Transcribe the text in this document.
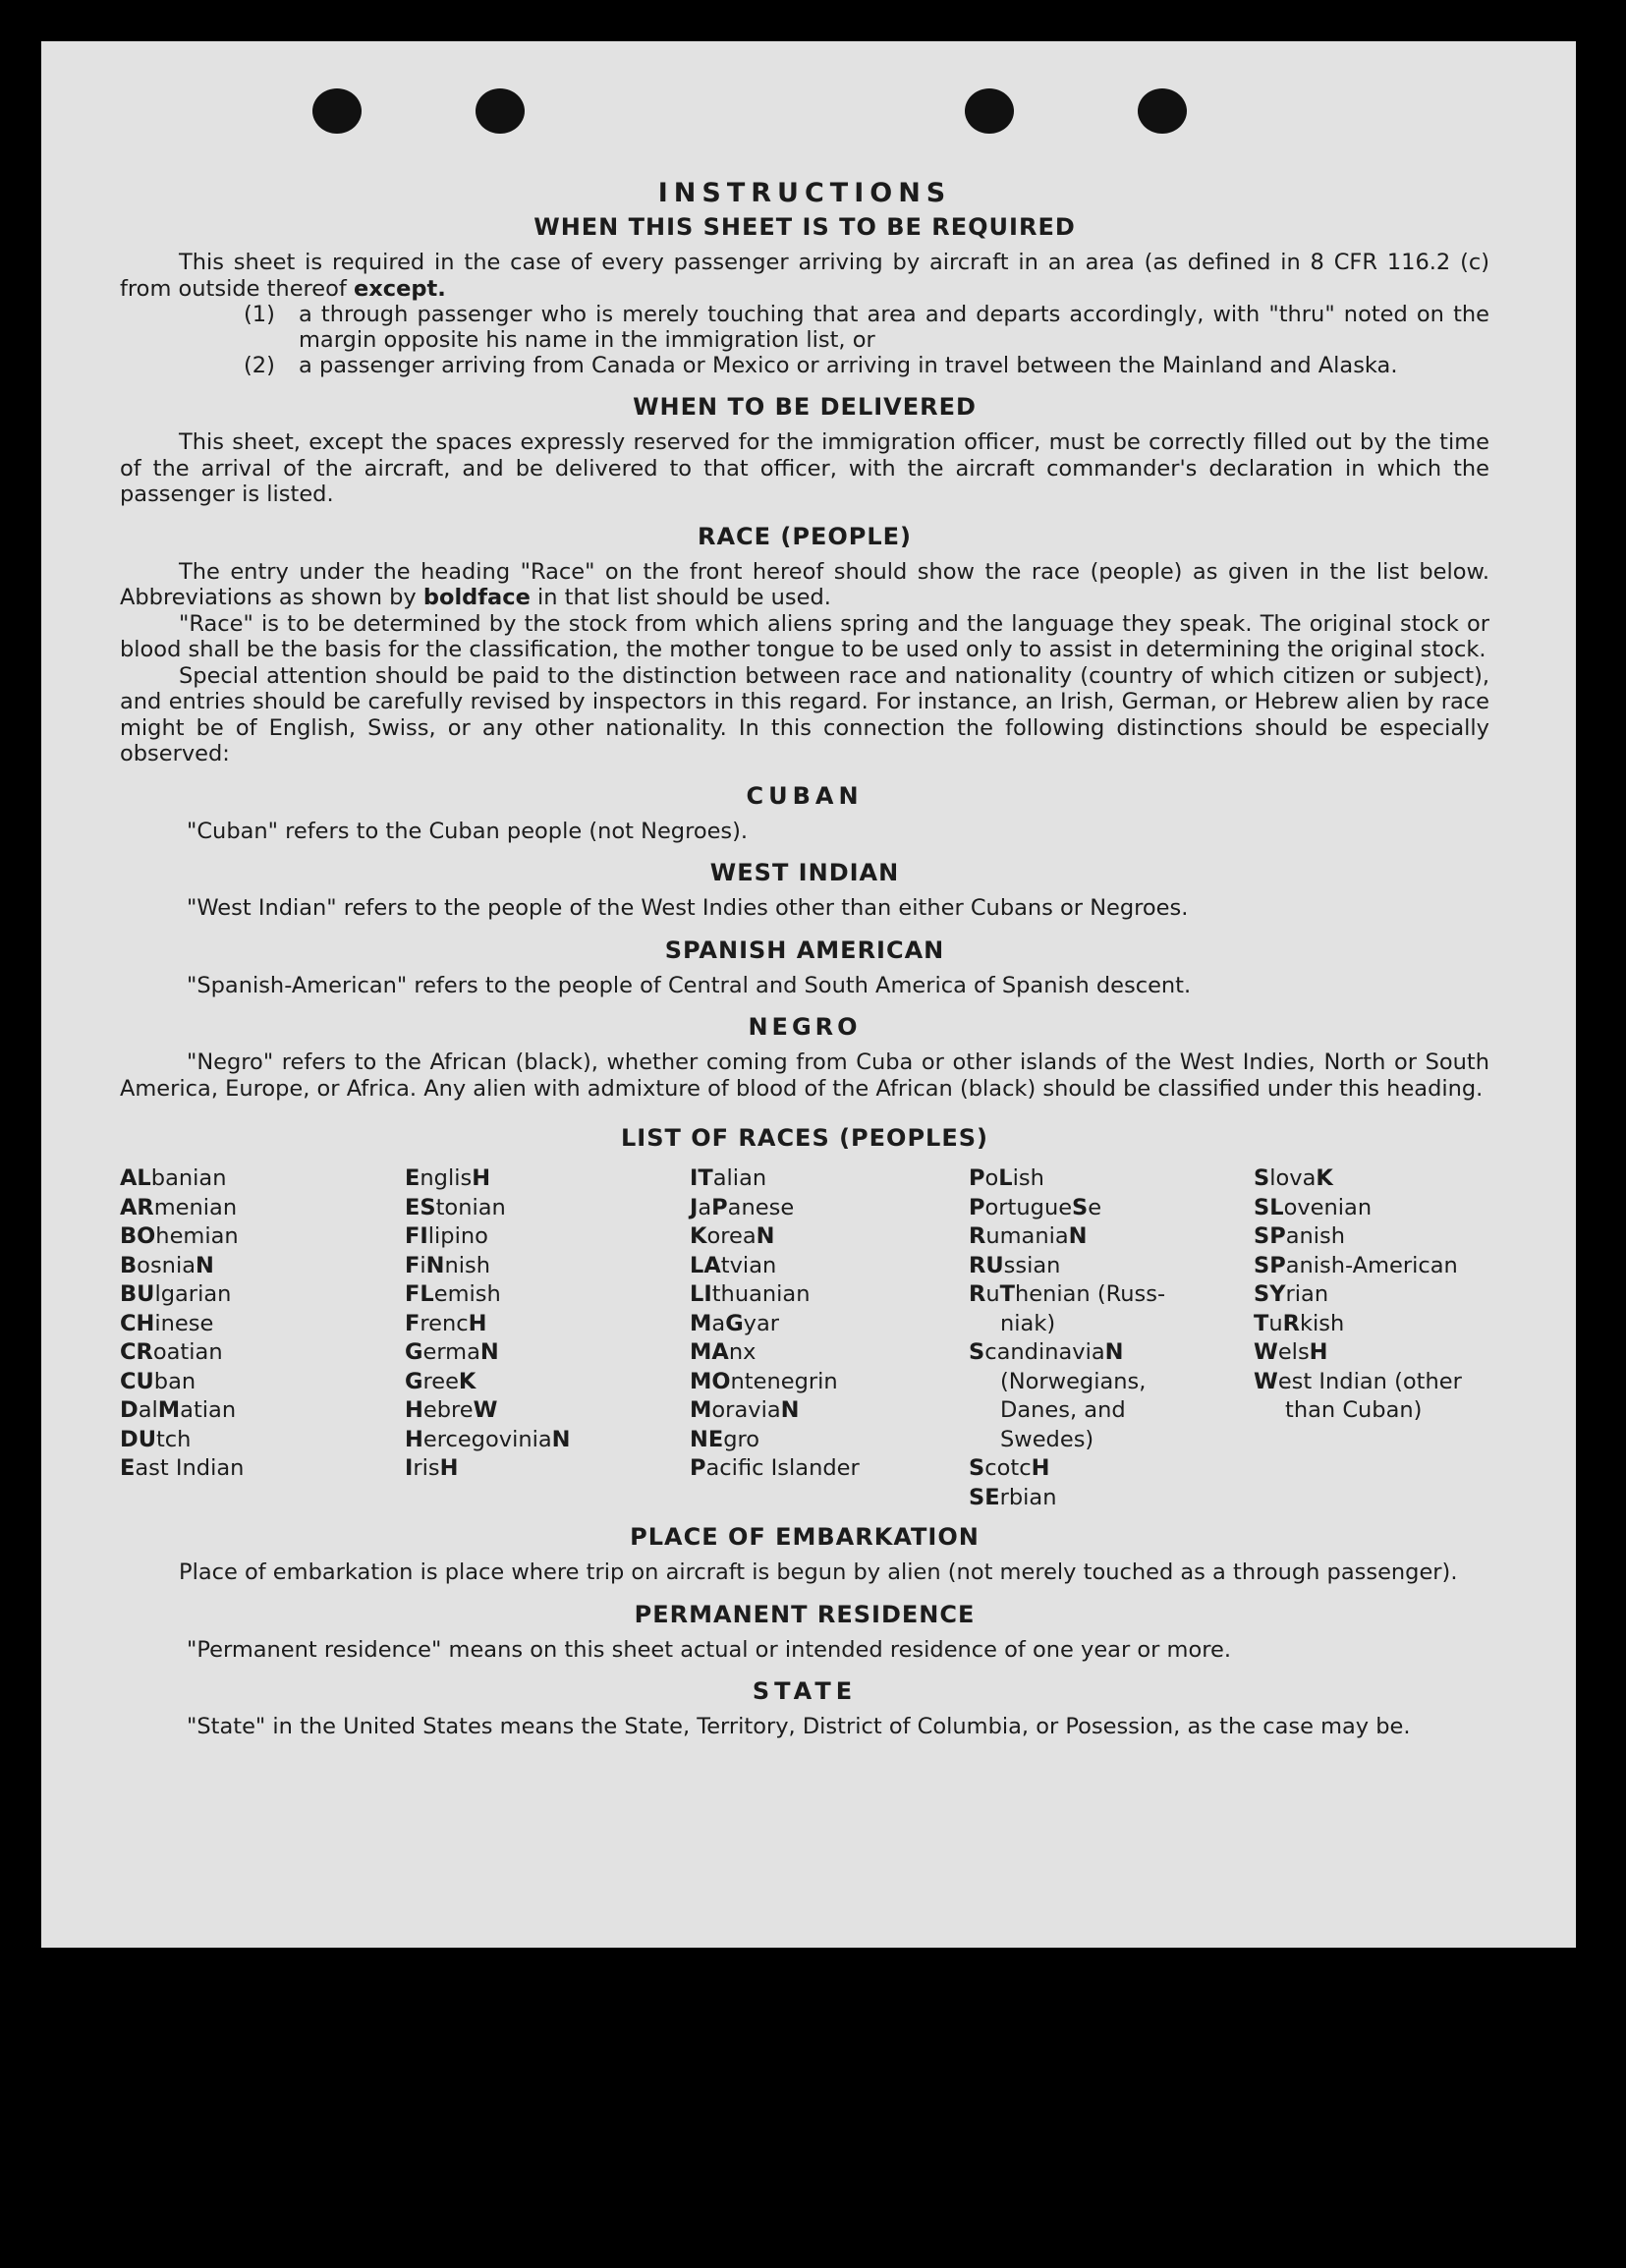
INSTRUCTIONS
WHEN THIS SHEET IS TO BE REQUIRED

This sheet is required in the case of every passenger arriving by aircraft in an area (as defined in 8 CFR 116.2 (c) from outside thereof except.

(1)	a through passenger who is merely touching that area and departs accordingly, with "thru" noted on the margin opposite his name in the immigration list, or
(2)	a passenger arriving from Canada or Mexico or arriving in travel between the Mainland and Alaska.
WHEN TO BE DELIVERED

This sheet, except the spaces expressly reserved for the immigration officer, must be correctly filled out by the time of the arrival of the aircraft, and be delivered to that officer, with the aircraft commander's declaration in which the passenger is listed.

RACE (PEOPLE)

The entry under the heading "Race" on the front hereof should show the race (people) as given in the list below. Abbreviations as shown by boldface in that list should be used.

"Race" is to be determined by the stock from which aliens spring and the language they speak. The original stock or blood shall be the basis for the classification, the mother tongue to be used only to assist in determining the original stock.

Special attention should be paid to the distinction between race and nationality (country of which citizen or subject), and entries should be carefully revised by inspectors in this regard. For instance, an Irish, German, or Hebrew alien by race might be of English, Swiss, or any other nationality. In this connection the following distinctions should be especially observed:

CUBAN

"Cuban" refers to the Cuban people (not Negroes).

WEST INDIAN

"West Indian" refers to the people of the West Indies other than either Cubans or Negroes.

SPANISH AMERICAN

"Spanish-American" refers to the people of Central and South America of Spanish descent.

NEGRO

"Negro" refers to the African (black), whether coming from Cuba or other islands of the West Indies, North or South America, Europe, or Africa. Any alien with admixture of blood of the African (black) should be classified under this heading.

LIST OF RACES (PEOPLES)
ALbanian
ARmenian
BOhemian
BosniaN
BUlgarian
CHinese
CRoatian
CUban
DalMatian
DUtch
East Indian
EnglisH
EStonian
FIlipino
FiNnish
FLemish
FrencH
GermaN
GreeK
HebreW
HercegoviniaN
IrisH
ITalian
JaPanese
KoreaN
LAtvian
LIthuanian
MaGyar
MAnx
MOntenegrin
MoraviaN
NEgro
Pacifc Islander
PoLish
PortugueSe
RumaniaN
RUssian
RuThenian (Russ-
niak)
ScandinaviaN
(Norwegians,
Danes, and
Swedes)
ScotcH
SErbian
SlovaK
SLovenian
SPanish
SPanish-American
SYrian
TuRkish
WelsH
West Indian (other
than Cuban)
PLACE OF EMBARKATION

Place of embarkation is place where trip on aircraft is begun by alien (not merely touched as a through passenger).

PERMANENT RESIDENCE

"Permanent residence" means on this sheet actual or intended residence of one year or more.

STATE

"State" in the United States means the State, Territory, District of Columbia, or Posession, as the case may be.
